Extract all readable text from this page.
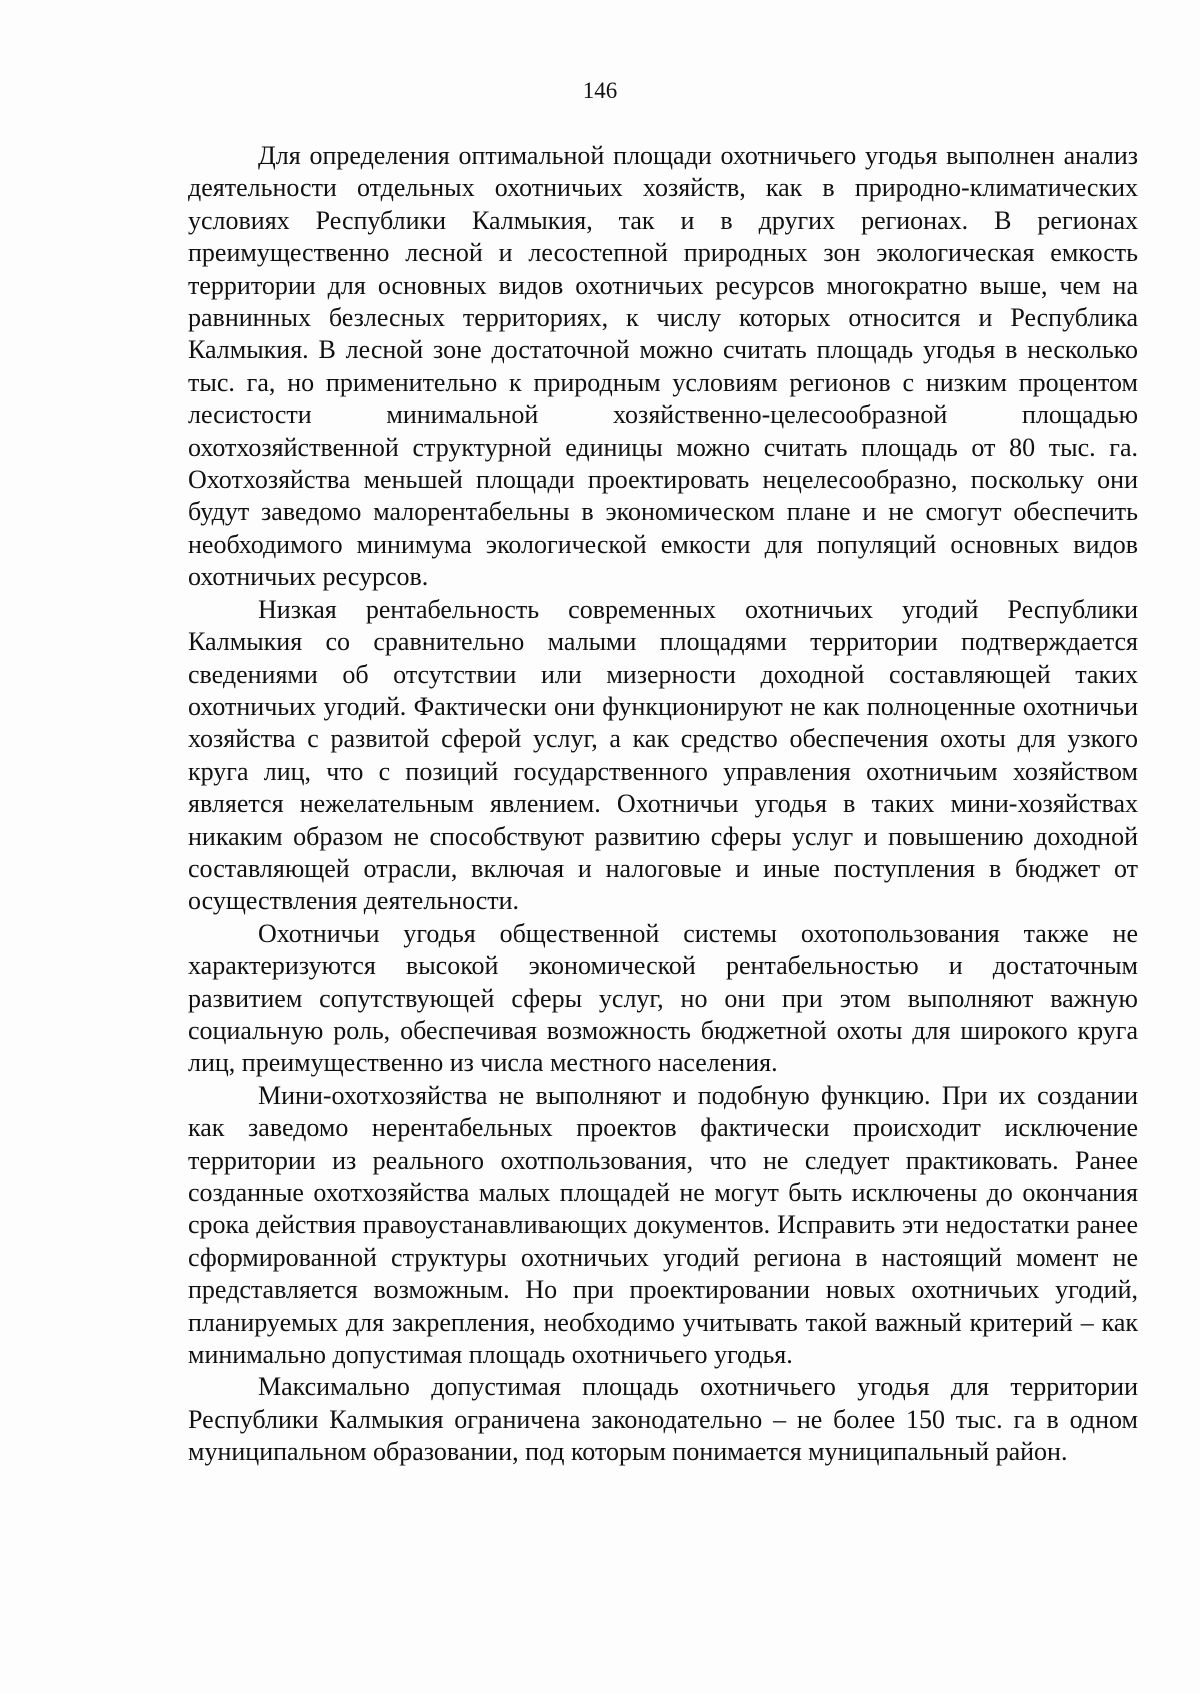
146

Для определения оптимальной площади охотничьего угодья выполнен анализ деятельности отдельных охотничьих хозяйств, как в природно-климатических условиях Республики Калмыкия, так и в других регионах. В регионах преимущественно лесной и лесостепной природных зон экологическая емкость территории для основных видов охотничьих ресурсов многократно выше, чем на равнинных безлесных территориях, к числу которых относится и Республика Калмыкия. В лесной зоне достаточной можно считать площадь угодья в несколько тыс. га, но применительно к природным условиям регионов с низким процентом лесистости минимальной хозяйственно-целесообразной площадью охотхозяйственной структурной единицы можно считать площадь от 80 тыс. га. Охотхозяйства меньшей площади проектировать нецелесообразно, поскольку они будут заведомо малорентабельны в экономическом плане и не смогут обеспечить необходимого минимума экологической емкости для популяций основных видов охотничьих ресурсов.

Низкая рентабельность современных охотничьих угодий Республики Калмыкия со сравнительно малыми площадями территории подтверждается сведениями об отсутствии или мизерности доходной составляющей таких охотничьих угодий. Фактически они функционируют не как полноценные охотничьи хозяйства с развитой сферой услуг, а как средство обеспечения охоты для узкого круга лиц, что с позиций государственного управления охотничьим хозяйством является нежелательным явлением. Охотничьи угодья в таких мини-хозяйствах никаким образом не способствуют развитию сферы услуг и повышению доходной составляющей отрасли, включая и налоговые и иные поступления в бюджет от осуществления деятельности.

Охотничьи угодья общественной системы охотопользования также не характеризуются высокой экономической рентабельностью и достаточным развитием сопутствующей сферы услуг, но они при этом выполняют важную социальную роль, обеспечивая возможность бюджетной охоты для широкого круга лиц, преимущественно из числа местного населения.

Мини-охотхозяйства не выполняют и подобную функцию. При их создании как заведомо нерентабельных проектов фактически происходит исключение территории из реального охотпользования, что не следует практиковать. Ранее созданные охотхозяйства малых площадей не могут быть исключены до окончания срока действия правоустанавливающих документов. Исправить эти недостатки ранее сформированной структуры охотничьих угодий региона в настоящий момент не представляется возможным. Но при проектировании новых охотничьих угодий, планируемых для закрепления, необходимо учитывать такой важный критерий – как минимально допустимая площадь охотничьего угодья.

Максимально допустимая площадь охотничьего угодья для территории Республики Калмыкия ограничена законодательно – не более 150 тыс. га в одном муниципальном образовании, под которым понимается муниципальный район.
